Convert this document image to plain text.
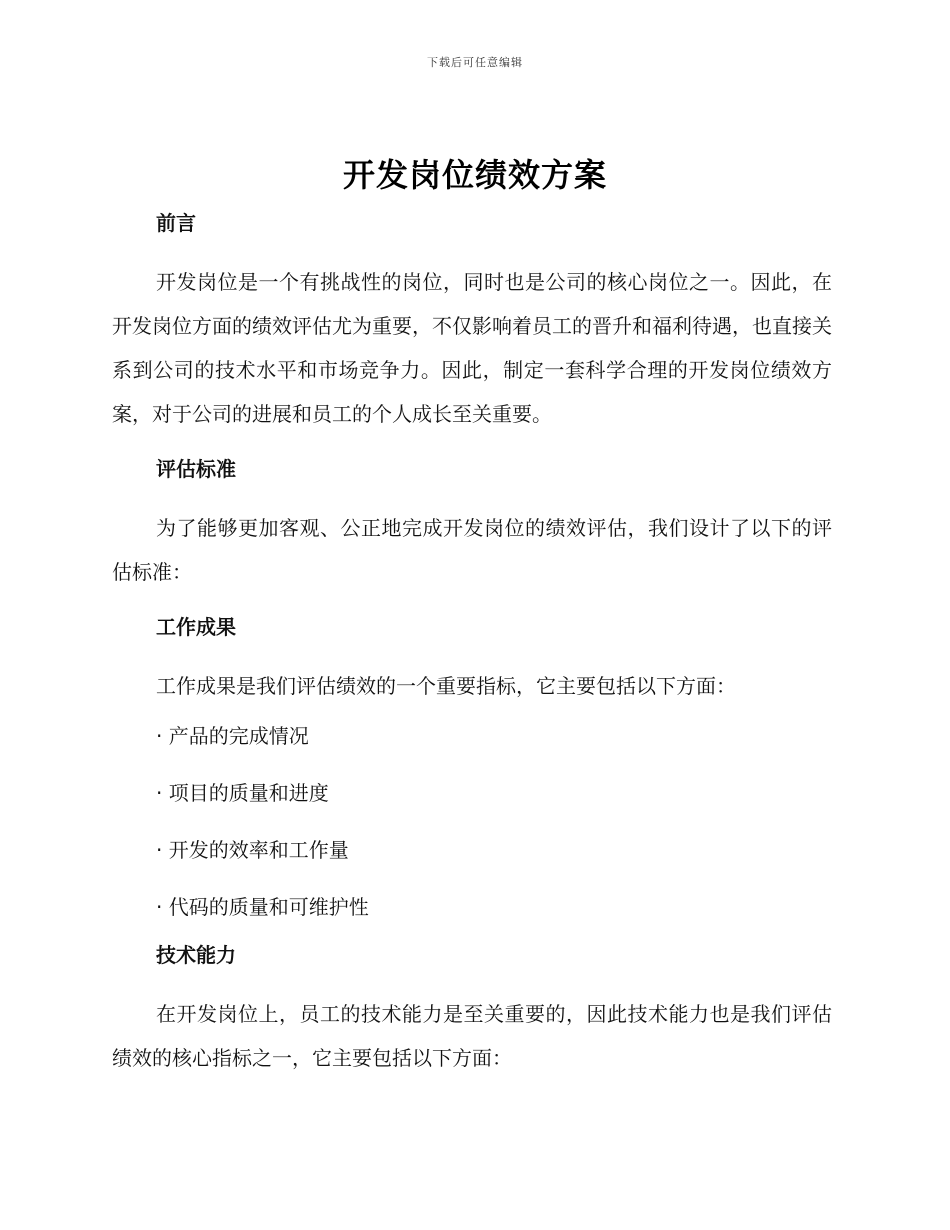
下载后可任意编辑
开发岗位绩效方案

前言

开发岗位是一个有挑战性的岗位，同时也是公司的核心岗位之一。因此，在开发岗位方面的绩效评估尤为重要，不仅影响着员工的晋升和福利待遇，也直接关系到公司的技术水平和市场竞争力。因此，制定一套科学合理的开发岗位绩效方案，对于公司的进展和员工的个人成长至关重要。

评估标准

为了能够更加客观、公正地完成开发岗位的绩效评估，我们设计了以下的评估标准：

工作成果

工作成果是我们评估绩效的一个重要指标，它主要包括以下方面：

· 产品的完成情况

· 项目的质量和进度

· 开发的效率和工作量

· 代码的质量和可维护性

技术能力

在开发岗位上，员工的技术能力是至关重要的，因此技术能力也是我们评估绩效的核心指标之一，它主要包括以下方面：
